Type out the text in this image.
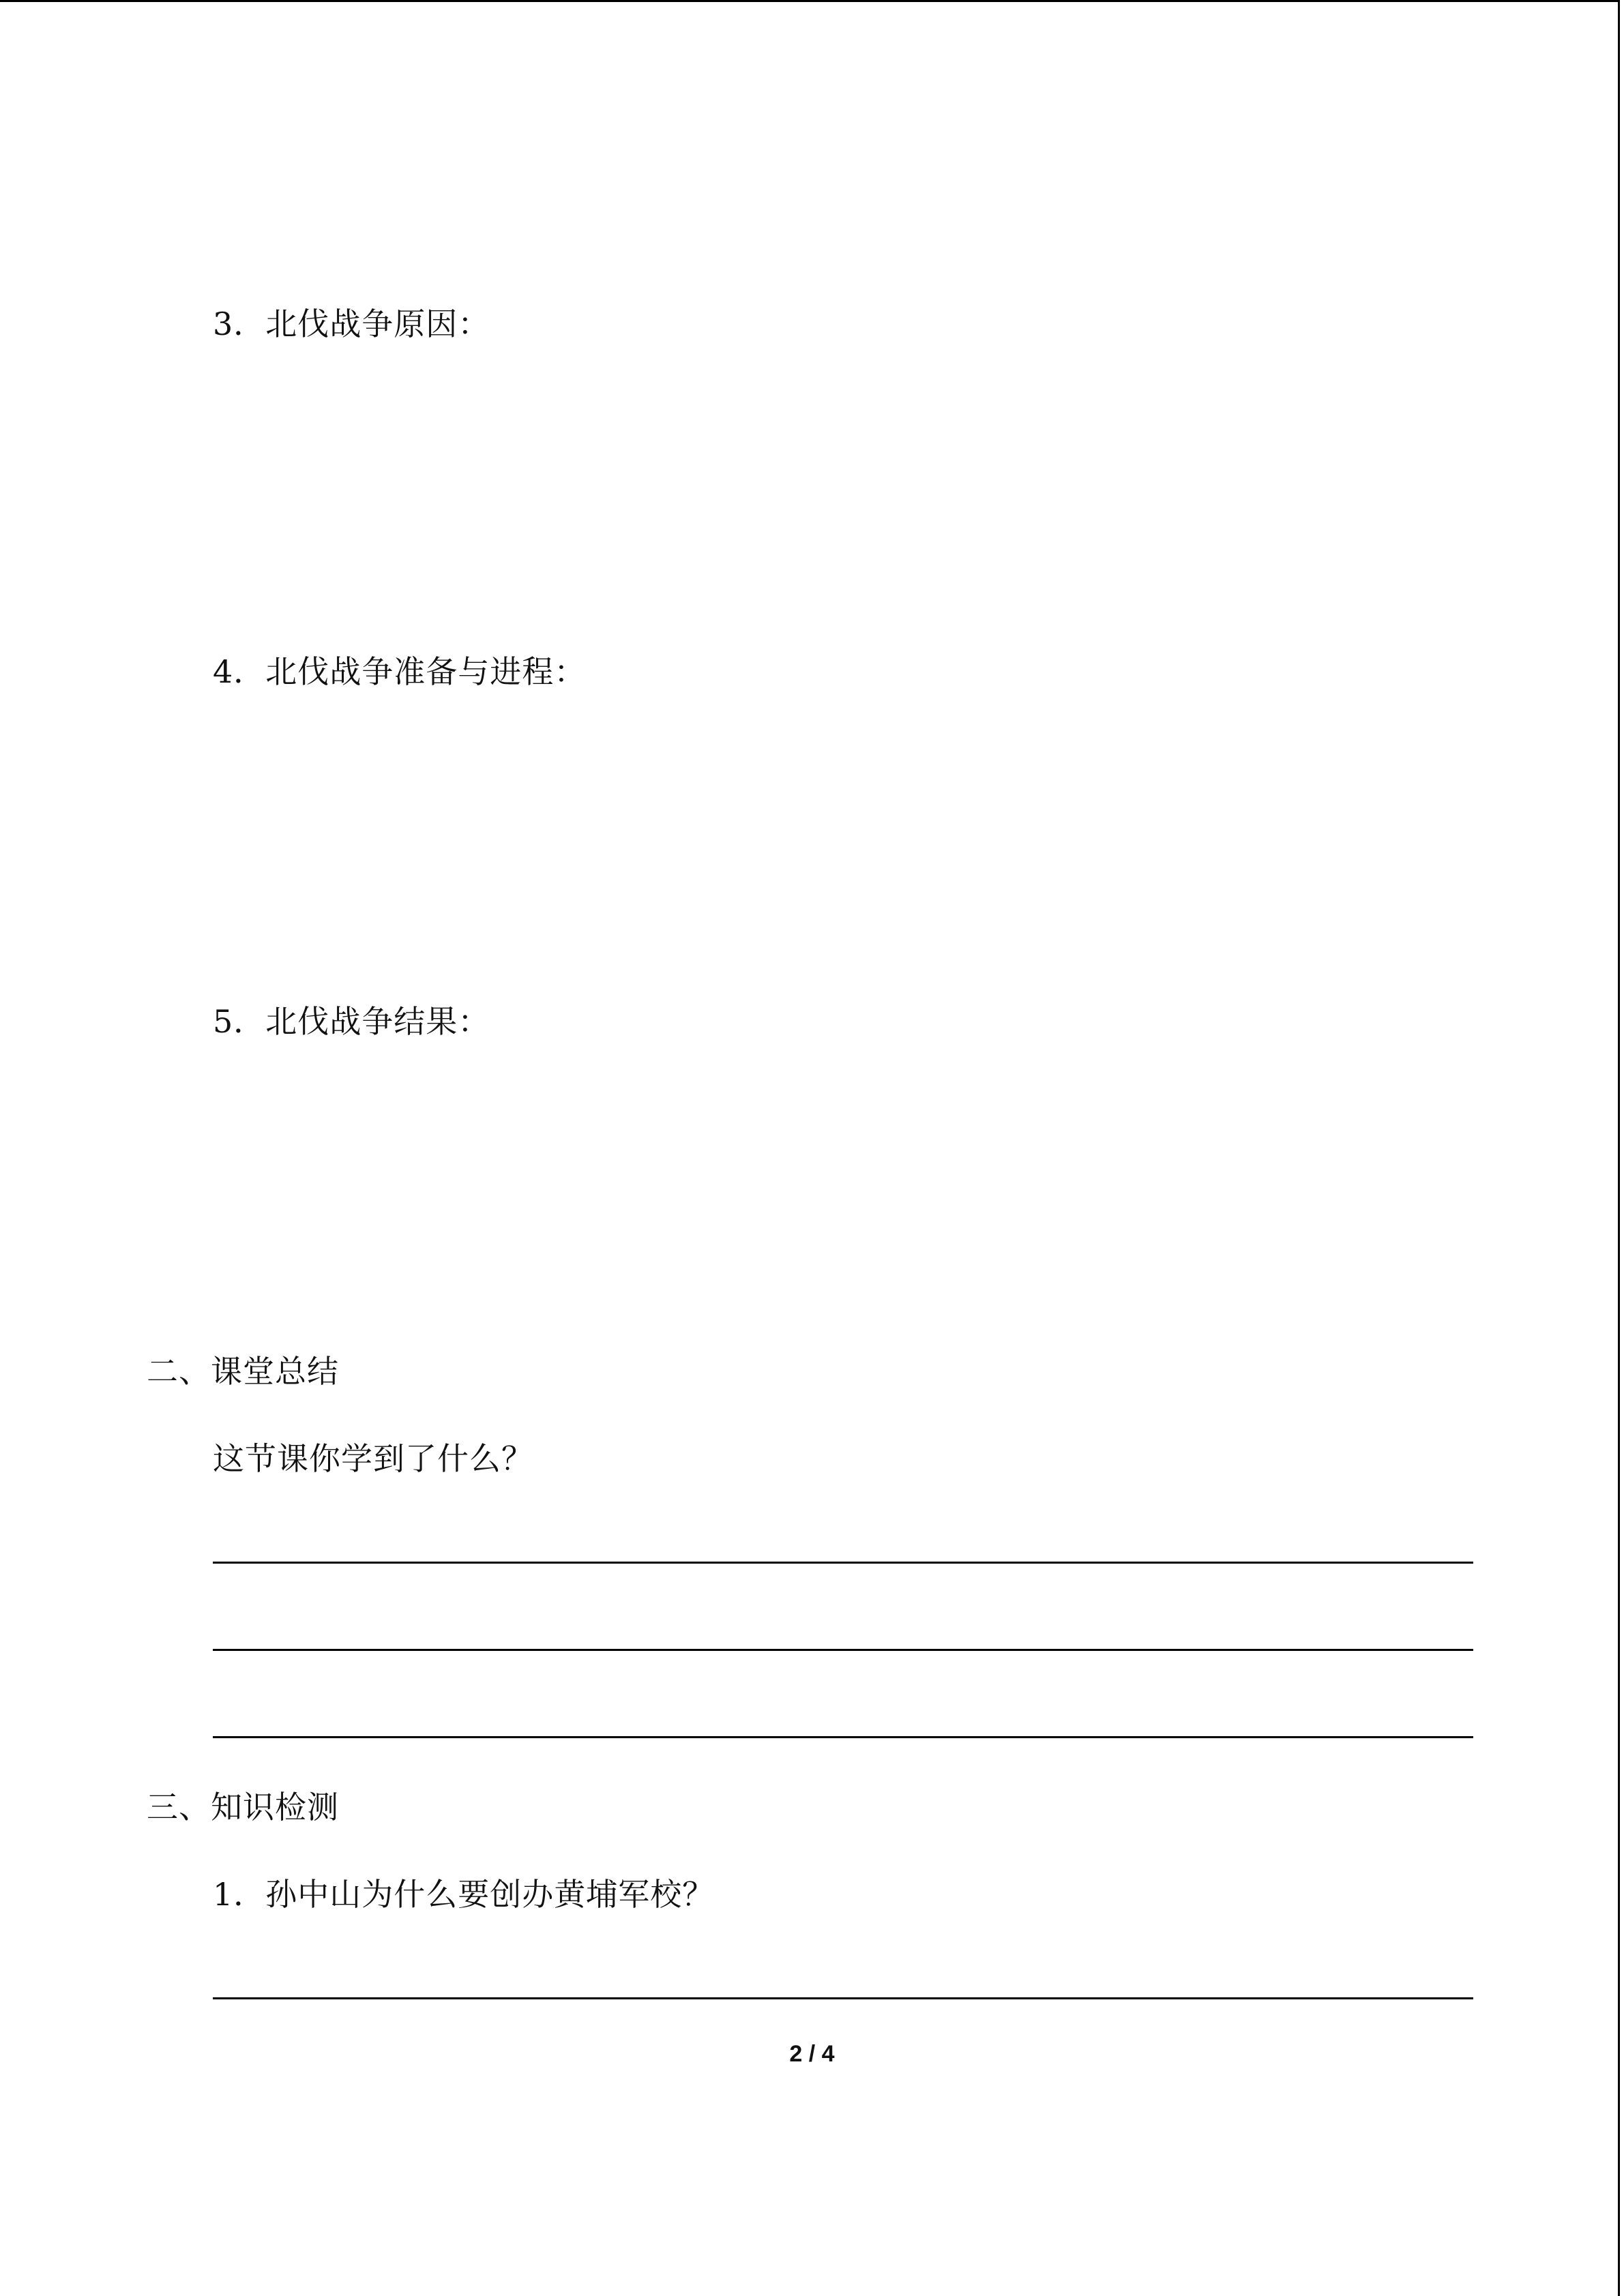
3．北伐战争原因：
4．北伐战争准备与进程：
5．北伐战争结果：
二、课堂总结
这节课你学到了什么？
三、知识检测
1．孙中山为什么要创办黄埔军校？
2 / 4
